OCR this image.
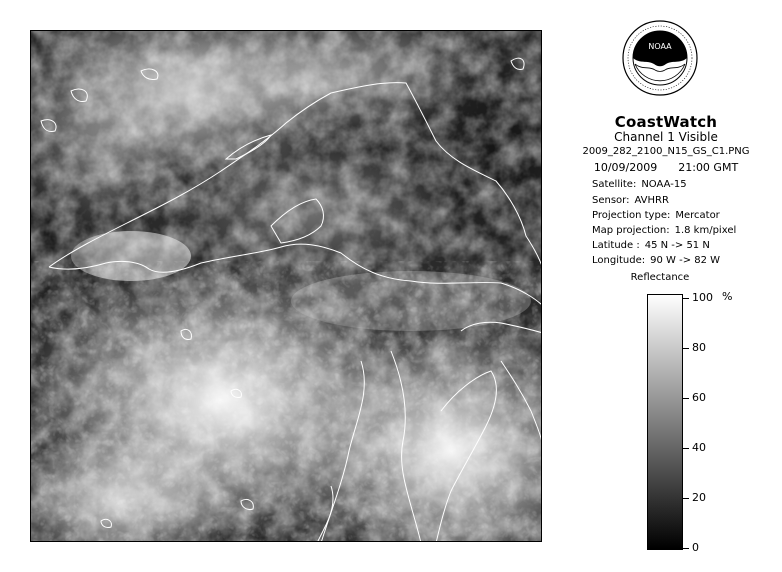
NOAA
CoastWatch
Channel 1 Visible
2009_282_2100_N15_GS_C1.PNG
10/09/2009 21:00 GMT
Satellite: NOAA-15
Sensor: AVHRR
Projection type: Mercator
Map projection: 1.8 km/pixel
Latitude : 45 N -> 51 N
Longitude: 90 W -> 82 W
Reflectance
%
100
80
60
40
20
0
